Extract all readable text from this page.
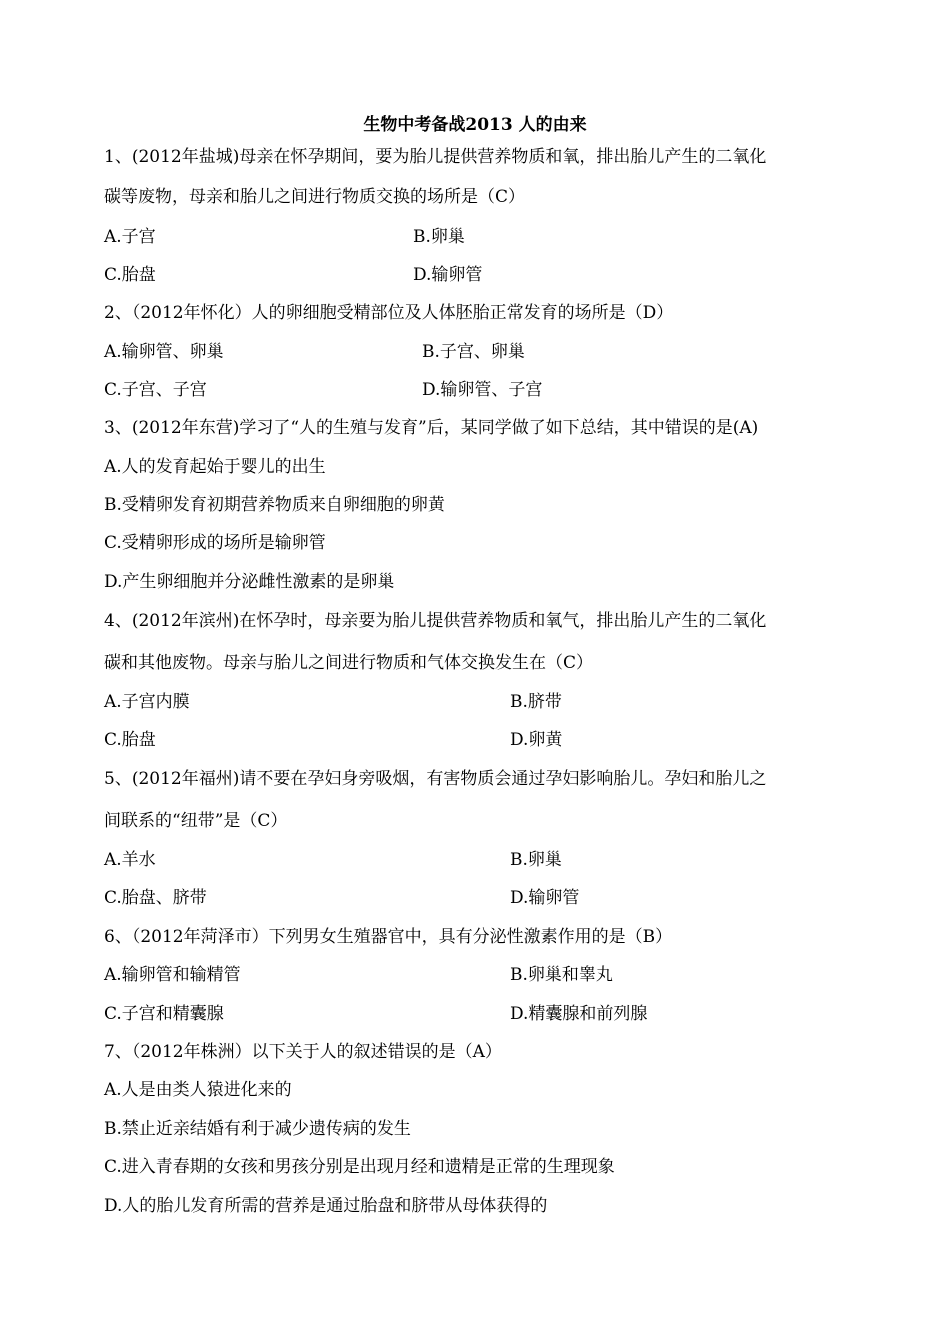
生物中考备战2013 人的由来
1、(2012年盐城)母亲在怀孕期间，要为胎儿提供营养物质和氧，排出胎儿产生的二氧化
碳等废物，母亲和胎儿之间进行物质交换的场所是（C）
A.子宫	B.卵巢
C.胎盘	D.输卵管
2、（2012年怀化）人的卵细胞受精部位及人体胚胎正常发育的场所是（D）
A.输卵管、卵巢	B.子宫、卵巢
C.子宫、子宫	D.输卵管、子宫
3、(2012年东营)学习了“人的生殖与发育”后，某同学做了如下总结，其中错误的是(A)
A.人的发育起始于婴儿的出生
B.受精卵发育初期营养物质来自卵细胞的卵黄
C.受精卵形成的场所是输卵管
D.产生卵细胞并分泌雌性激素的是卵巢
4、(2012年滨州)在怀孕时，母亲要为胎儿提供营养物质和氧气，排出胎儿产生的二氧化
碳和其他废物。母亲与胎儿之间进行物质和气体交换发生在（C）
A.子宫内膜	B.脐带
C.胎盘	D.卵黄
5、(2012年福州)请不要在孕妇身旁吸烟，有害物质会通过孕妇影响胎儿。孕妇和胎儿之
间联系的“纽带”是（C）
A.羊水	B.卵巢
C.胎盘、脐带	D.输卵管
6、（2012年菏泽市）下列男女生殖器官中，具有分泌性激素作用的是（B）
A.输卵管和输精管	B.卵巢和睾丸
C.子宫和精囊腺	D.精囊腺和前列腺
7、（2012年株洲）以下关于人的叙述错误的是（A）
A.人是由类人猿进化来的
B.禁止近亲结婚有利于减少遗传病的发生
C.进入青春期的女孩和男孩分别是出现月经和遗精是正常的生理现象
D.人的胎儿发育所需的营养是通过胎盘和脐带从母体获得的
